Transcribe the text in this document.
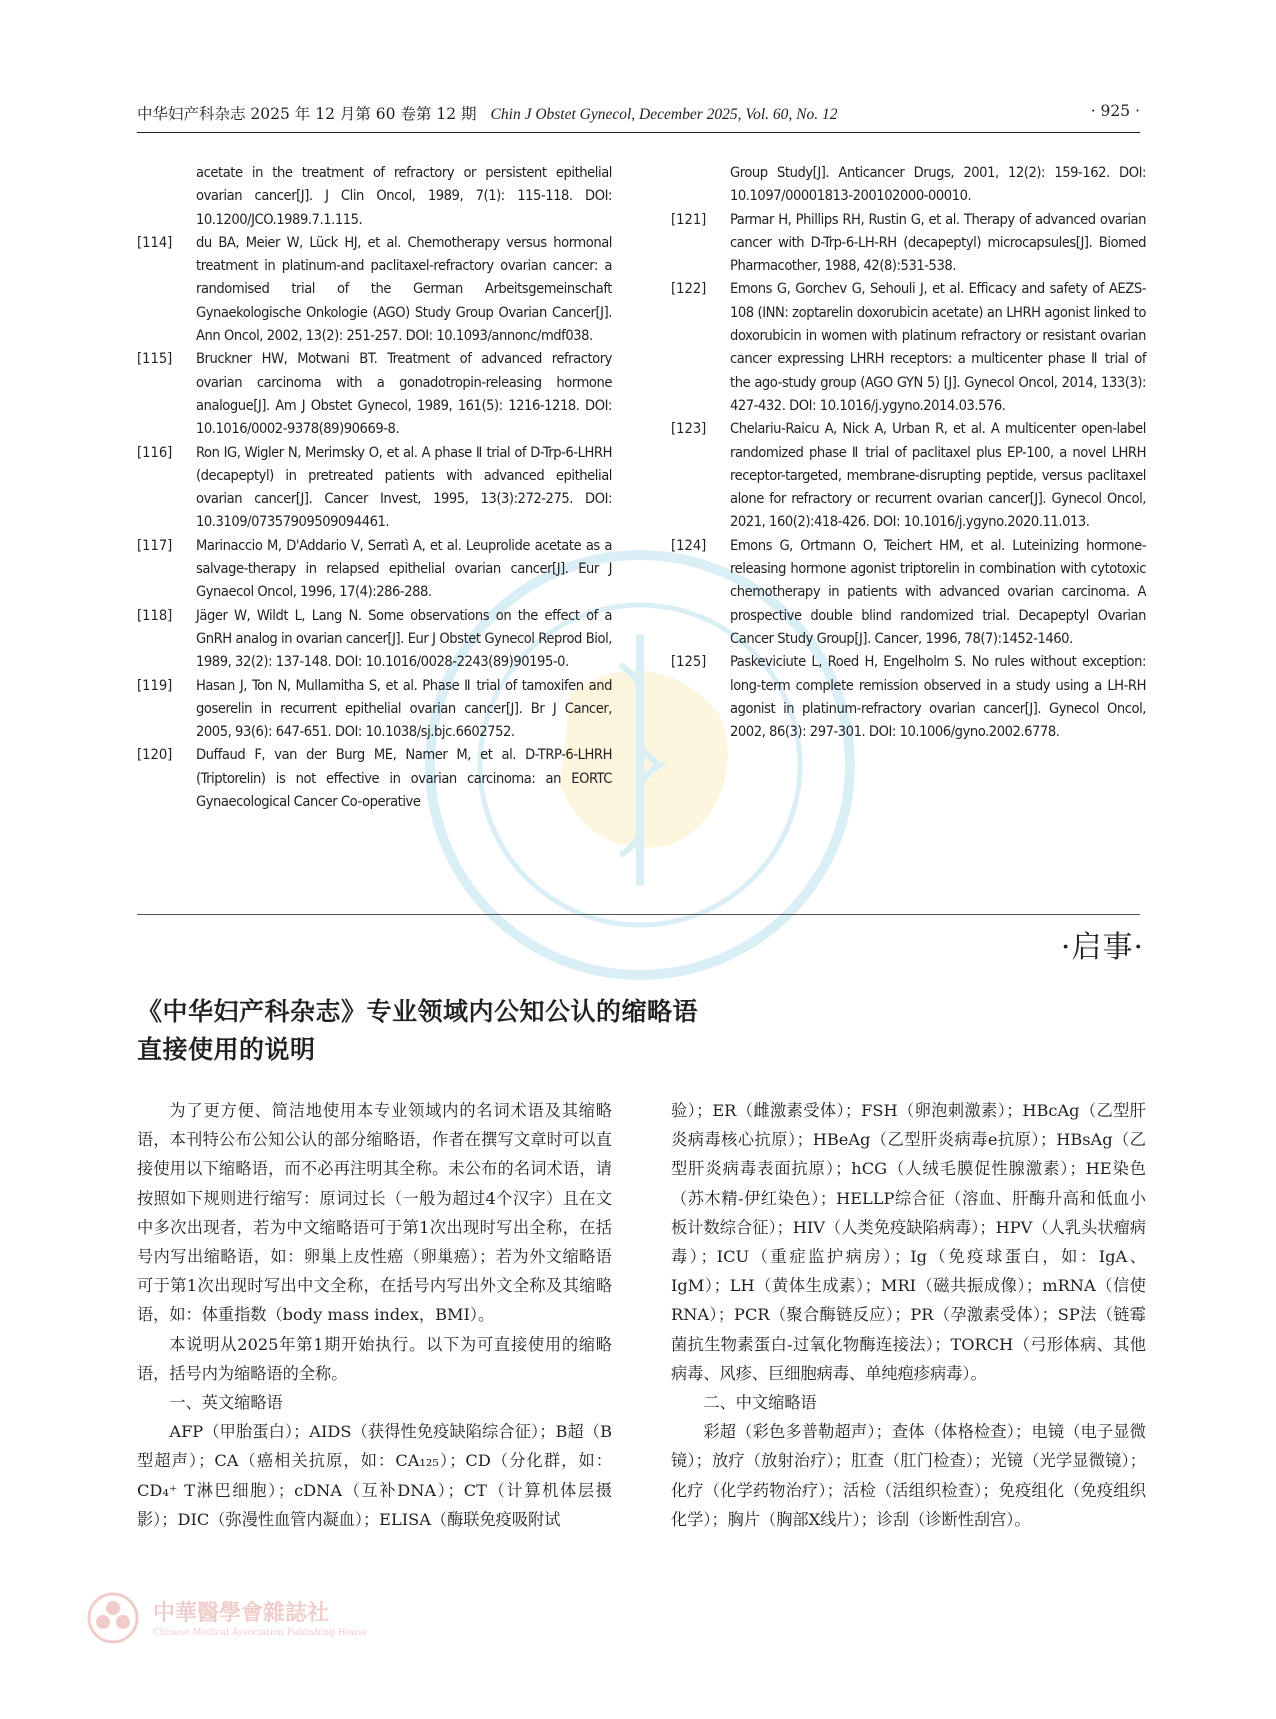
中华妇产科杂志 2025 年 12 月第 60 卷第 12 期 Chin J Obstet Gynecol, December 2025, Vol. 60, No. 12	· 925 ·

acetate in the treatment of refractory or persistent epithelial ovarian cancer[J]. J Clin Oncol, 1989, 7(1): 115-118. DOI: 10.1200/JCO.1989.7.1.115.

[114] du BA, Meier W, Lück HJ, et al. Chemotherapy versus hormonal treatment in platinum-and paclitaxel-refractory ovarian cancer: a randomised trial of the German Arbeitsgemeinschaft Gynaekologische Onkologie (AGO) Study Group Ovarian Cancer[J]. Ann Oncol, 2002, 13(2): 251-257. DOI: 10.1093/annonc/mdf038.

[115] Bruckner HW, Motwani BT. Treatment of advanced refractory ovarian carcinoma with a gonadotropin-releasing hormone analogue[J]. Am J Obstet Gynecol, 1989, 161(5): 1216-1218. DOI: 10.1016/0002-9378(89)90669-8.

[116] Ron IG, Wigler N, Merimsky O, et al. A phase Ⅱ trial of D-Trp-6-LHRH (decapeptyl) in pretreated patients with advanced epithelial ovarian cancer[J]. Cancer Invest, 1995, 13(3):272-275. DOI: 10.3109/07357909509094461.

[117] Marinaccio M, D'Addario V, Serratì A, et al. Leuprolide acetate as a salvage-therapy in relapsed epithelial ovarian cancer[J]. Eur J Gynaecol Oncol, 1996, 17(4):286-288.

[118] Jäger W, Wildt L, Lang N. Some observations on the effect of a GnRH analog in ovarian cancer[J]. Eur J Obstet Gynecol Reprod Biol, 1989, 32(2): 137-148. DOI: 10.1016/0028-2243(89)90195-0.

[119] Hasan J, Ton N, Mullamitha S, et al. Phase Ⅱ trial of tamoxifen and goserelin in recurrent epithelial ovarian cancer[J]. Br J Cancer, 2005, 93(6): 647-651. DOI: 10.1038/sj.bjc.6602752.

[120] Duffaud F, van der Burg ME, Namer M, et al. D-TRP-6-LHRH (Triptorelin) is not effective in ovarian carcinoma: an EORTC Gynaecological Cancer Co-operative

Group Study[J]. Anticancer Drugs, 2001, 12(2): 159-162. DOI: 10.1097/00001813-200102000-00010.

[121] Parmar H, Phillips RH, Rustin G, et al. Therapy of advanced ovarian cancer with D-Trp-6-LH-RH (decapeptyl) microcapsules[J]. Biomed Pharmacother, 1988, 42(8):531-538.

[122] Emons G, Gorchev G, Sehouli J, et al. Efficacy and safety of AEZS-108 (INN: zoptarelin doxorubicin acetate) an LHRH agonist linked to doxorubicin in women with platinum refractory or resistant ovarian cancer expressing LHRH receptors: a multicenter phase Ⅱ trial of the ago-study group (AGO GYN 5) [J]. Gynecol Oncol, 2014, 133(3): 427-432. DOI: 10.1016/j.ygyno.2014.03.576.

[123] Chelariu-Raicu A, Nick A, Urban R, et al. A multicenter open-label randomized phase Ⅱ trial of paclitaxel plus EP-100, a novel LHRH receptor-targeted, membrane-disrupting peptide, versus paclitaxel alone for refractory or recurrent ovarian cancer[J]. Gynecol Oncol, 2021, 160(2):418-426. DOI: 10.1016/j.ygyno.2020.11.013.

[124] Emons G, Ortmann O, Teichert HM, et al. Luteinizing hormone-releasing hormone agonist triptorelin in combination with cytotoxic chemotherapy in patients with advanced ovarian carcinoma. A prospective double blind randomized trial. Decapeptyl Ovarian Cancer Study Group[J]. Cancer, 1996, 78(7):1452-1460.

[125] Paskeviciute L, Roed H, Engelholm S. No rules without exception: long-term complete remission observed in a study using a LH-RH agonist in platinum-refractory ovarian cancer[J]. Gynecol Oncol, 2002, 86(3): 297-301. DOI: 10.1006/gyno.2002.6778.

·启事·
《中华妇产科杂志》专业领域内公知公认的缩略语
直接使用的说明

为了更方便、简洁地使用本专业领域内的名词术语及其缩略语，本刊特公布公知公认的部分缩略语，作者在撰写文章时可以直接使用以下缩略语，而不必再注明其全称。未公布的名词术语，请按照如下规则进行缩写：原词过长（一般为超过4个汉字）且在文中多次出现者，若为中文缩略语可于第1次出现时写出全称，在括号内写出缩略语，如：卵巢上皮性癌（卵巢癌）；若为外文缩略语可于第1次出现时写出中文全称，在括号内写出外文全称及其缩略语，如：体重指数（body mass index，BMI）。

本说明从2025年第1期开始执行。以下为可直接使用的缩略语，括号内为缩略语的全称。

一、英文缩略语

AFP（甲胎蛋白）；AIDS（获得性免疫缺陷综合征）；B超（B型超声）；CA（癌相关抗原，如：CA₁₂₅）；CD（分化群，如：CD₄⁺ T淋巴细胞）；cDNA（互补DNA）；CT（计算机体层摄影）；DIC（弥漫性血管内凝血）；ELISA（酶联免疫吸附试

验）；ER（雌激素受体）；FSH（卵泡刺激素）；HBcAg（乙型肝炎病毒核心抗原）；HBeAg（乙型肝炎病毒e抗原）；HBsAg（乙型肝炎病毒表面抗原）；hCG（人绒毛膜促性腺激素）；HE染色（苏木精-伊红染色）；HELLP综合征（溶血、肝酶升高和低血小板计数综合征）；HIV（人类免疫缺陷病毒）；HPV（人乳头状瘤病毒）；ICU（重症监护病房）；Ig（免疫球蛋白，如：IgA、IgM）；LH（黄体生成素）；MRI（磁共振成像）；mRNA（信使RNA）；PCR（聚合酶链反应）；PR（孕激素受体）；SP法（链霉菌抗生物素蛋白-过氧化物酶连接法）；TORCH（弓形体病、其他病毒、风疹、巨细胞病毒、单纯疱疹病毒）。

二、中文缩略语

彩超（彩色多普勒超声）；查体（体格检查）；电镜（电子显微镜）；放疗（放射治疗）；肛查（肛门检查）；光镜（光学显微镜）；化疗（化学药物治疗）；活检（活组织检查）；免疫组化（免疫组织化学）；胸片（胸部X线片）；诊刮（诊断性刮宫）。

中華醫學會雜誌社
Chinese Medical Association Publishing House
